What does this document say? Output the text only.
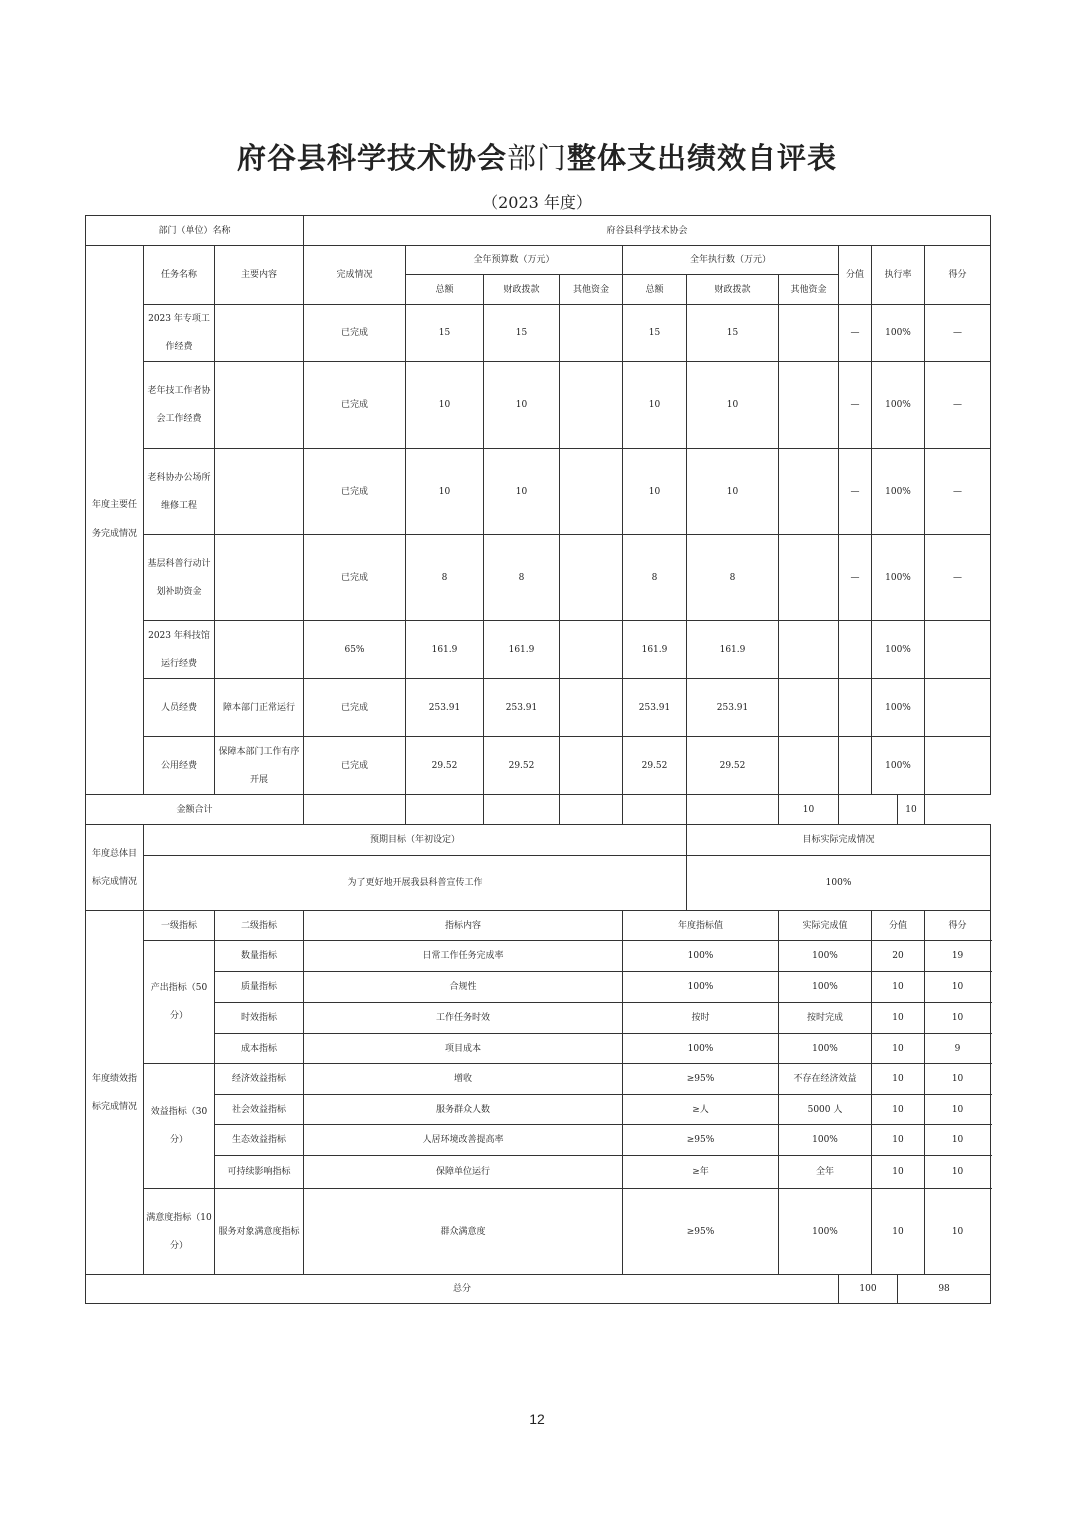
府谷县科学技术协会部门整体支出绩效自评表
（2023 年度）
部门（单位）名称			府谷县科学技术协会										
年度主要任务完成情况	任务名称	主要内容	完成情况	全年预算数（万元）			全年执行数（万元）			分值	执行率		得分
				总额	财政拨款	其他资金	总额	财政拨款	其他资金				
	2023 年专项工作经费		已完成	15	15		15	15		—	100%		—
	老年技工作者协会工作经费		已完成	10	10		10	10		—	100%		—
	老科协办公场所维修工程		已完成	10	10		10	10		—	100%		—
	基层科普行动计划补助资金		已完成	8	8		8	8		—	100%		—
	2023 年科技馆运行经费		65%	161.9	161.9		161.9	161.9			100%		
	人员经费	障本部门正常运行	已完成	253.91	253.91		253.91	253.91			100%		
	公用经费	保障本部门工作有序开展	已完成	29.52	29.52		29.52	29.52			100%		
金额合计									10			10	
年度总体目标完成情况	预期目标（年初设定）							目标实际完成情况					
	为了更好地开展我县科普宣传工作							100%					
年度绩效指标完成情况	一级指标	二级指标	指标内容				年度指标值		实际完成值		分值		得分
	产出指标（50 分）	数量指标	日常工作任务完成率				100%		100%		20		19
		质量指标	合规性				100%		100%		10		10
		时效指标	工作任务时效				按时		按时完成		10		10
		成本指标	项目成本				100%		100%		10		9
	效益指标（30 分）	经济效益指标	增收				≥95%		不存在经济效益		10		10
		社会效益指标	服务群众人数				≥人		5000 人		10		10
		生态效益指标	人居环境改善提高率				≥95%		100%		10		10
		可持续影响指标	保障单位运行				≥年		全年		10		10
	满意度指标（10 分）	服务对象满意度指标	群众满意度				≥95%		100%		10		10
总分										100		98	
12
